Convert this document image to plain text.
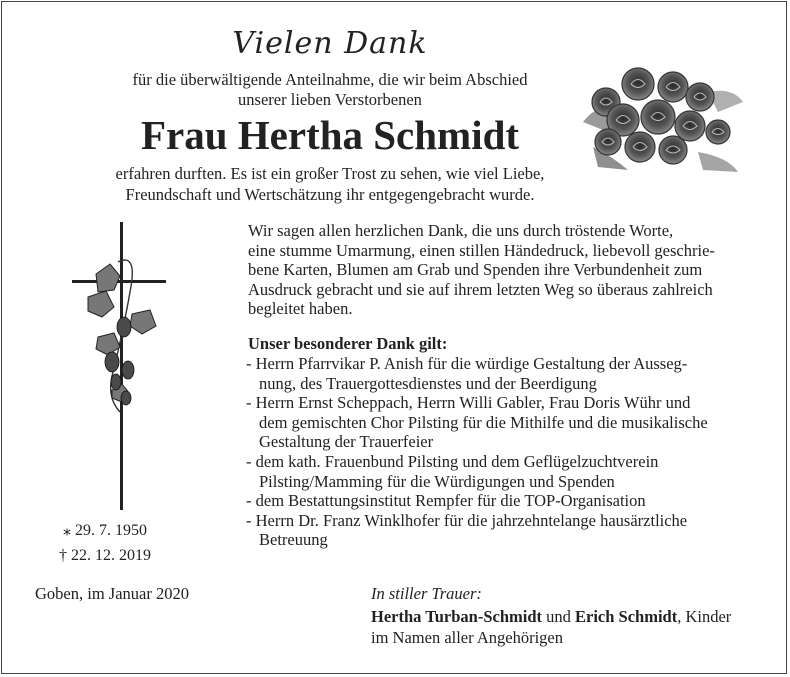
Vielen Dank
für die überwältigende Anteilnahme, die wir beim Abschied
unserer lieben Verstorbenen
Frau Hertha Schmidt
erfahren durften. Es ist ein großer Trost zu sehen, wie viel Liebe,
Freundschaft und Wertschätzung ihr entgegengebracht wurde.
Wir sagen allen herzlichen Dank, die uns durch tröstende Worte,
eine stumme Umarmung, einen stillen Händedruck, liebevoll geschrie-
bene Karten, Blumen am Grab und Spenden ihre Verbundenheit zum
Ausdruck gebracht und sie auf ihrem letzten Weg so überaus zahlreich
begleitet haben.
Unser besonderer Dank gilt:
- Herrn Pfarrvikar P. Anish für die würdige Gestaltung der Ausseg-
nung, des Trauergottesdienstes und der Beerdigung
- Herrn Ernst Scheppach, Herrn Willi Gabler, Frau Doris Wühr und
dem gemischten Chor Pilsting für die Mithilfe und die musikalische
Gestaltung der Trauerfeier
- dem kath. Frauenbund Pilsting und dem Geflügelzuchtverein
Pilsting/Mamming für die Würdigungen und Spenden
- dem Bestattungsinstitut Rempfer für die TOP-Organisation
- Herrn Dr. Franz Winklhofer für die jahrzehntelange hausärztliche
Betreuung
⁎ 29. 7. 1950
† 22. 12. 2019
Goben, im Januar 2020	In stiller Trauer:
Hertha Turban-Schmidt und Erich Schmidt, Kinder
im Namen aller Angehörigen
